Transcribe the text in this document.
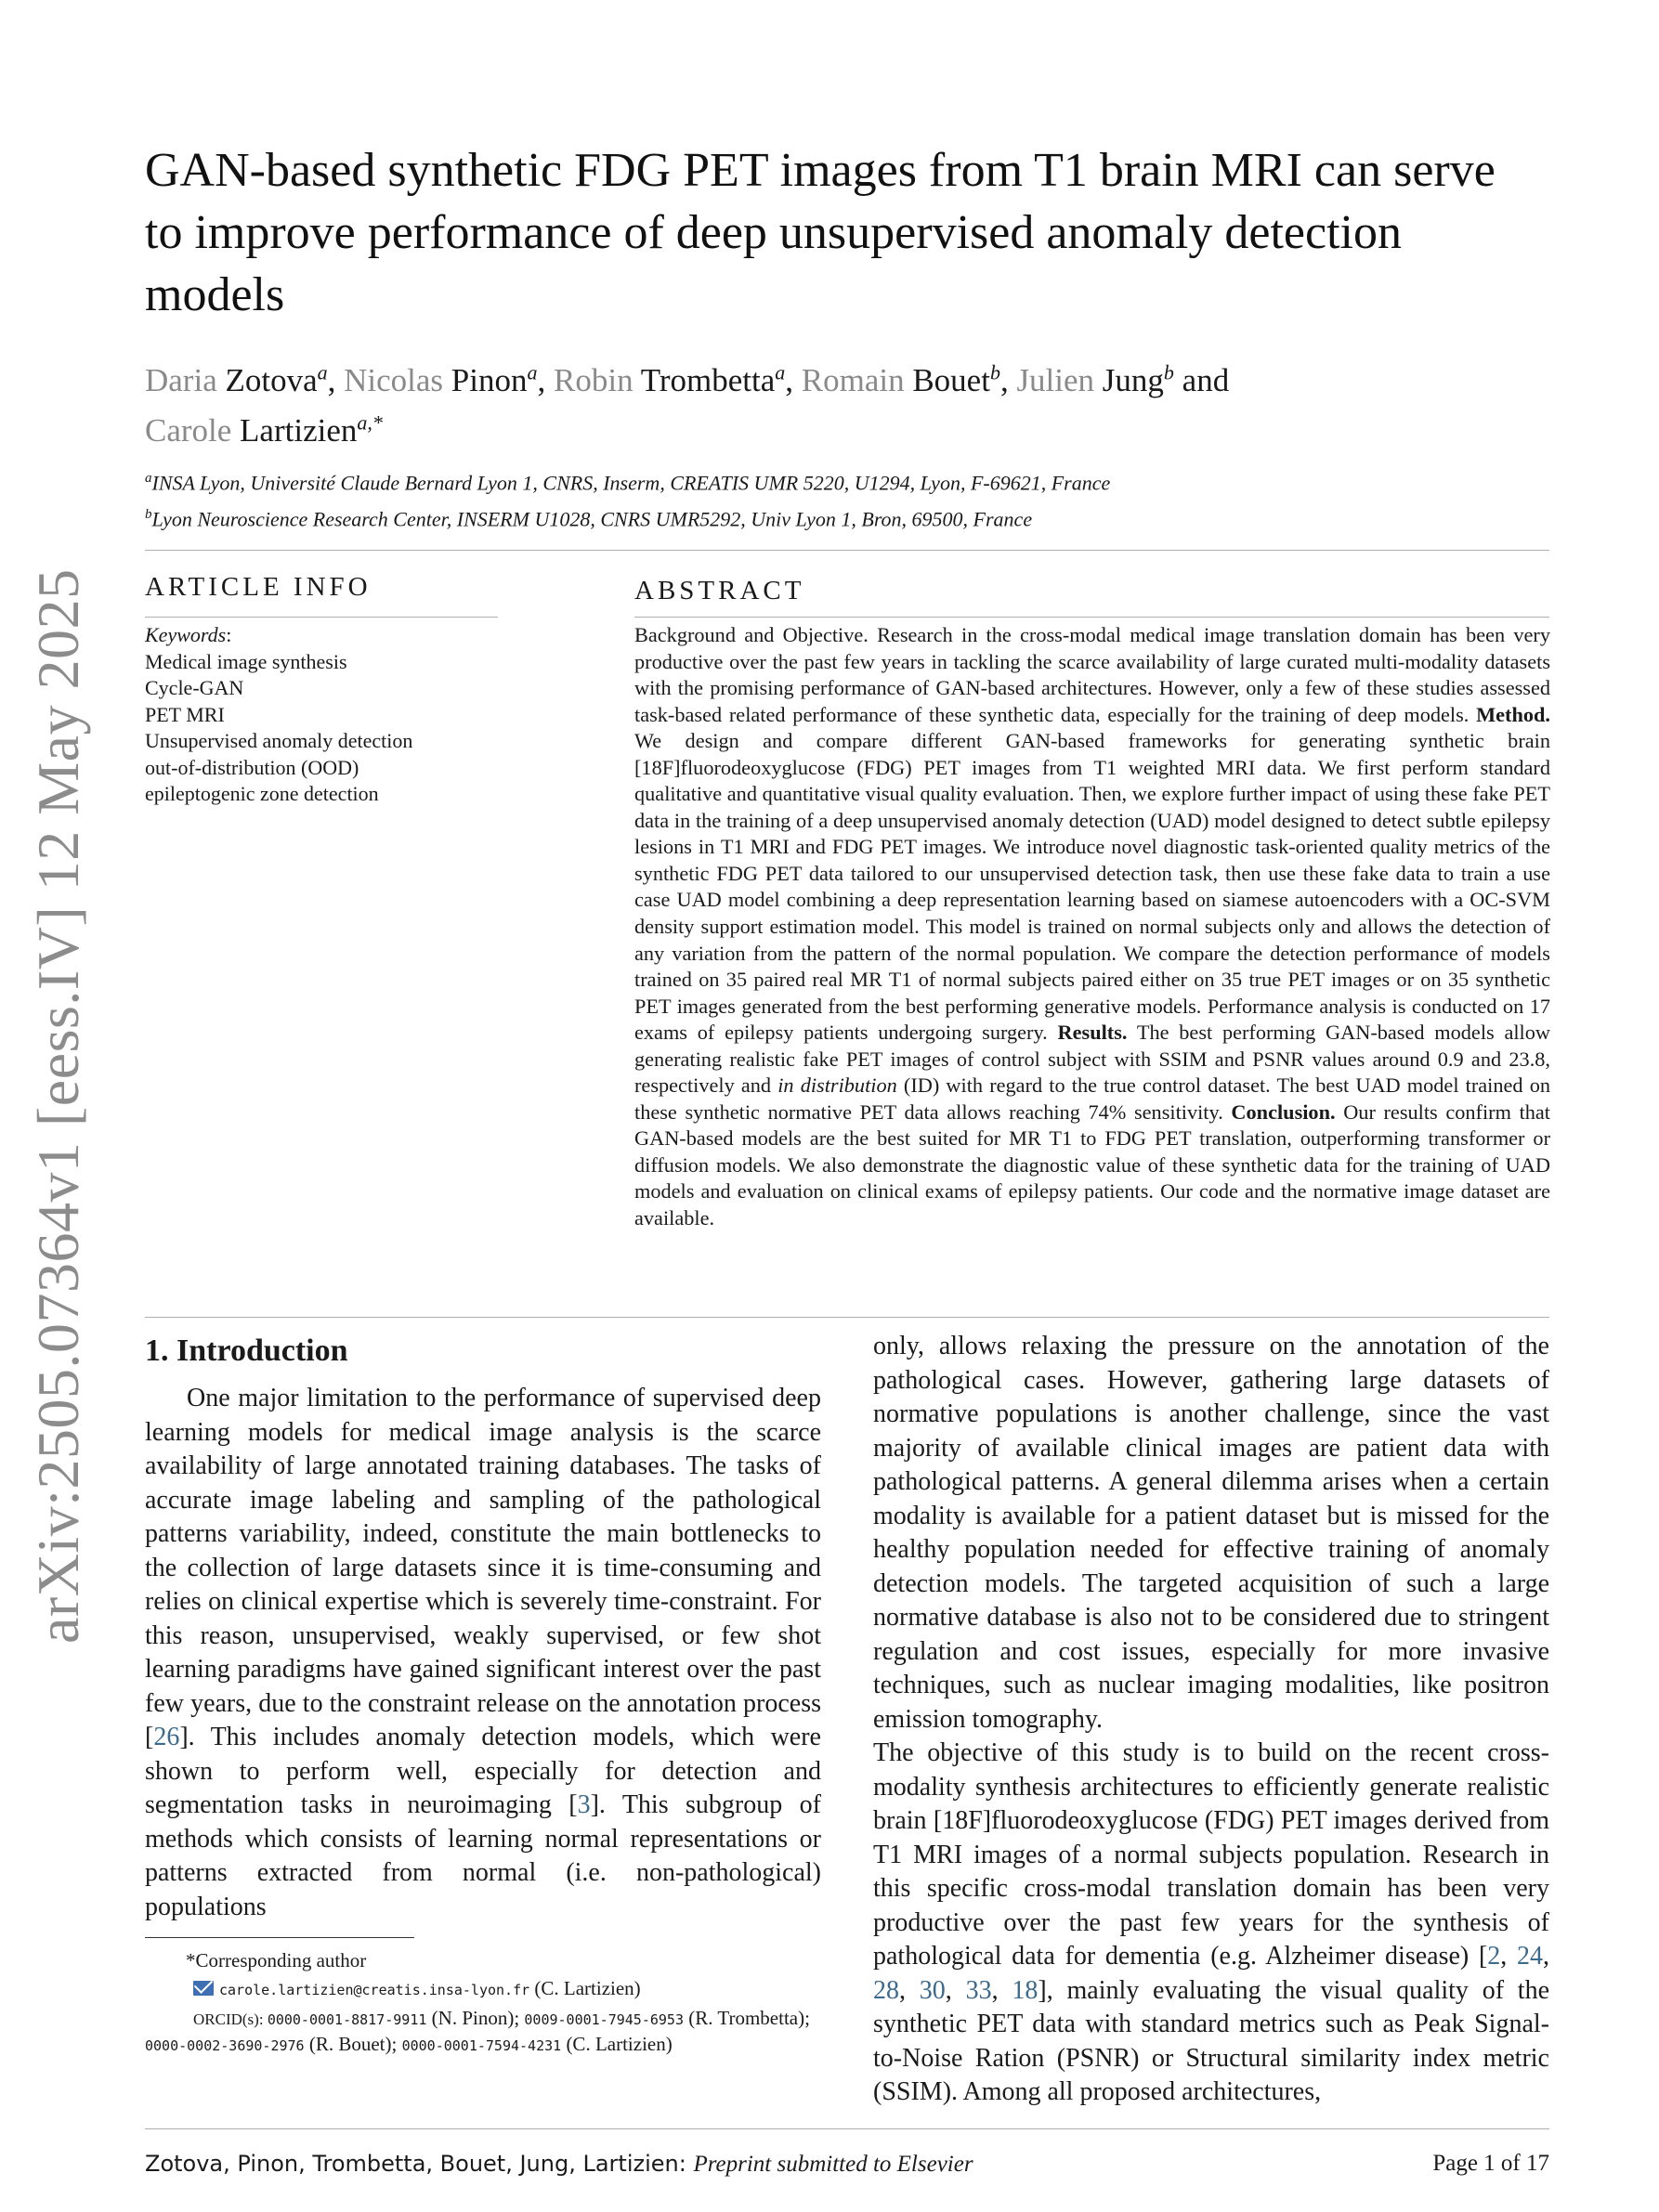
arXiv:2505.07364v1 [eess.IV] 12 May 2025
GAN-based synthetic FDG PET images from T1 brain MRI can serve to improve performance of deep unsupervised anomaly detection models
Daria Zotova$^a$, Nicolas Pinon$^a$, Robin Trombetta$^a$, Romain Bouet$^b$, Julien Jung$^b$ and
Carole Lartizien$^{a,*}$
$^a$INSA Lyon, Université Claude Bernard Lyon 1, CNRS, Inserm, CREATIS UMR 5220, U1294, Lyon, F-69621, France
$^b$Lyon Neuroscience Research Center, INSERM U1028, CNRS UMR5292, Univ Lyon 1, Bron, 69500, France
ARTICLE INFO	ABSTRACT
Keywords:
Medical image synthesis
Cycle-GAN
PET MRI
Unsupervised anomaly detection
out-of-distribution (OOD)
epileptogenic zone detection
Background and Objective. Research in the cross-modal medical image translation domain has been very productive over the past few years in tackling the scarce availability of large curated multi-modality datasets with the promising performance of GAN-based architectures. However, only a few of these studies assessed task-based related performance of these synthetic data, especially for the training of deep models. Method. We design and compare different GAN-based frameworks for generating synthetic brain [18F]fluorodeoxyglucose (FDG) PET images from T1 weighted MRI data. We first perform standard qualitative and quantitative visual quality evaluation. Then, we explore further impact of using these fake PET data in the training of a deep unsupervised anomaly detection (UAD) model designed to detect subtle epilepsy lesions in T1 MRI and FDG PET images. We introduce novel diagnostic task-oriented quality metrics of the synthetic FDG PET data tailored to our unsupervised detection task, then use these fake data to train a use case UAD model combining a deep representation learning based on siamese autoencoders with a OC-SVM density support estimation model. This model is trained on normal subjects only and allows the detection of any variation from the pattern of the normal population. We compare the detection performance of models trained on 35 paired real MR T1 of normal subjects paired either on 35 true PET images or on 35 synthetic PET images generated from the best performing generative models. Performance analysis is conducted on 17 exams of epilepsy patients undergoing surgery. Results. The best performing GAN-based models allow generating realistic fake PET images of control subject with SSIM and PSNR values around 0.9 and 23.8, respectively and in distribution (ID) with regard to the true control dataset. The best UAD model trained on these synthetic normative PET data allows reaching 74% sensitivity. Conclusion. Our results confirm that GAN-based models are the best suited for MR T1 to FDG PET translation, outperforming transformer or diffusion models. We also demonstrate the diagnostic value of these synthetic data for the training of UAD models and evaluation on clinical exams of epilepsy patients. Our code and the normative image dataset are available.
1. Introduction
One major limitation to the performance of supervised deep learning models for medical image analysis is the scarce availability of large annotated training databases. The tasks of accurate image labeling and sampling of the pathological patterns variability, indeed, constitute the main bottlenecks to the collection of large datasets since it is time-consuming and relies on clinical expertise which is severely time-constraint. For this reason, unsupervised, weakly supervised, or few shot learning paradigms have gained significant interest over the past few years, due to the constraint release on the annotation process [26]. This includes anomaly detection models, which were shown to perform well, especially for detection and segmentation tasks in neuroimaging [3]. This subgroup of methods which consists of learning normal representations or patterns extracted from normal (i.e. non-pathological) populations
only, allows relaxing the pressure on the annotation of the pathological cases. However, gathering large datasets of normative populations is another challenge, since the vast majority of available clinical images are patient data with pathological patterns. A general dilemma arises when a certain modality is available for a patient dataset but is missed for the healthy population needed for effective training of anomaly detection models. The targeted acquisition of such a large normative database is also not to be considered due to stringent regulation and cost issues, especially for more invasive techniques, such as nuclear imaging modalities, like positron emission tomography.
The objective of this study is to build on the recent cross-modality synthesis architectures to efficiently generate realistic brain [18F]fluorodeoxyglucose (FDG) PET images derived from T1 MRI images of a normal subjects population. Research in this specific cross-modal translation domain has been very productive over the past few years for the synthesis of pathological data for dementia (e.g. Alzheimer disease) [2, 24, 28, 30, 33, 18], mainly evaluating the visual quality of the synthetic PET data with standard metrics such as Peak Signal-to-Noise Ration (PSNR) or Structural similarity index metric (SSIM). Among all proposed architectures,
*Corresponding author
carole.lartizien@creatis.insa-lyon.fr (C. Lartizien)
ORCID(s): 0000-0001-8817-9911 (N. Pinon); 0009-0001-7945-6953 (R. Trombetta); 0000-0002-3690-2976 (R. Bouet); 0000-0001-7594-4231 (C. Lartizien)
Zotova, Pinon, Trombetta, Bouet, Jung, Lartizien: Preprint submitted to Elsevier	Page 1 of 17
